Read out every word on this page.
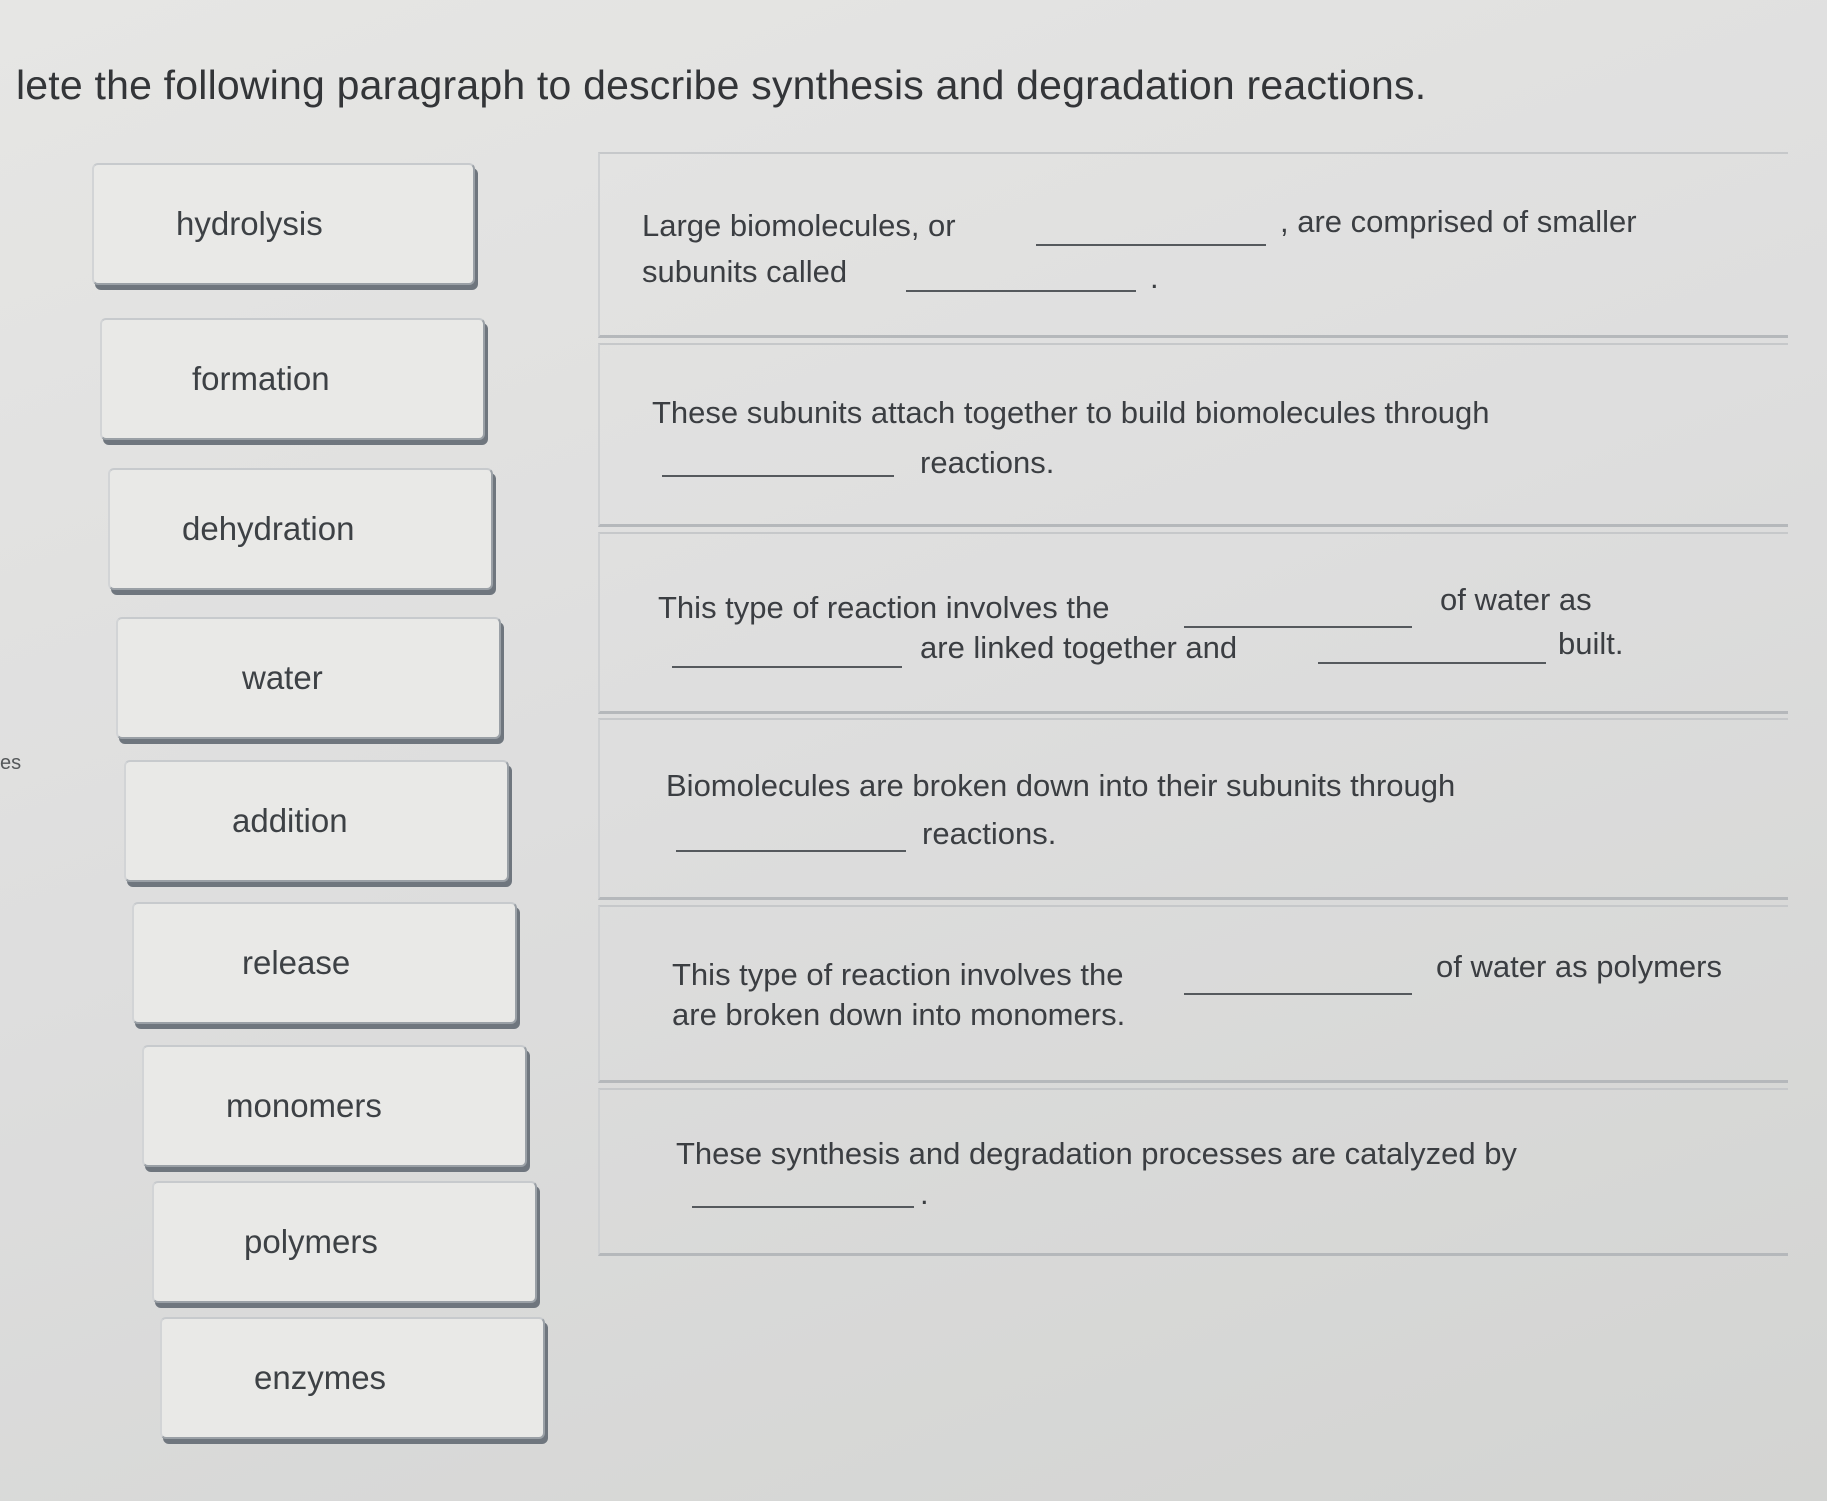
lete the following paragraph to describe synthesis and degradation reactions.
es
hydrolysis
formation
dehydration
water
addition
release
monomers
polymers
enzymes
Large biomolecules, or	, are comprised of smaller
subunits called	.
These subunits attach together to build biomolecules through
reactions.
This type of reaction involves the	of water as
are linked together and	built.
Biomolecules are broken down into their subunits through
reactions.
This type of reaction involves the	of water as polymers
are broken down into monomers.
These synthesis and degradation processes are catalyzed by
.
